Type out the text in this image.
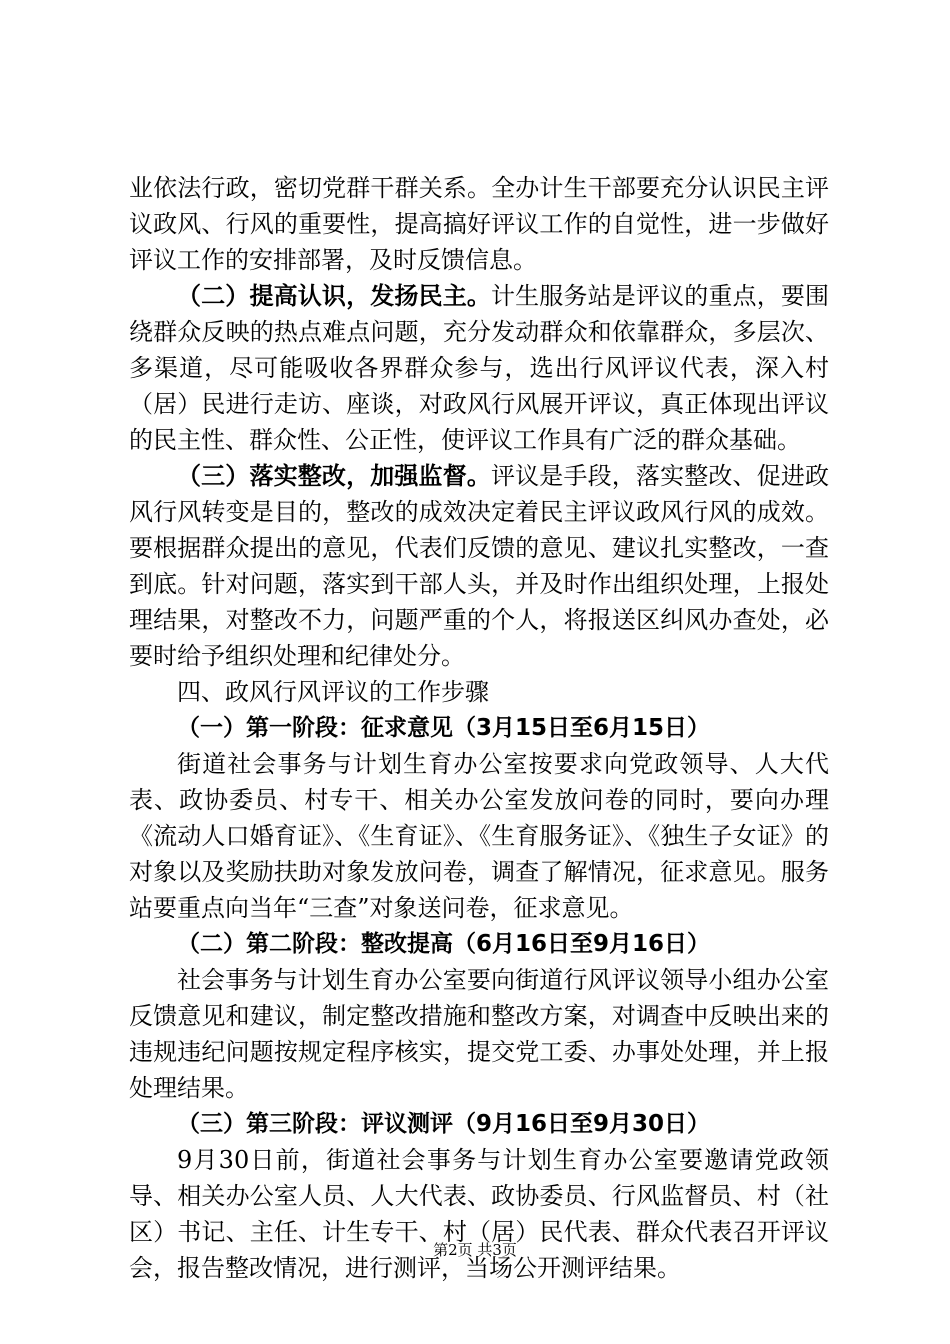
业依法行政，密切党群干群关系。全办计生干部要充分认识民主评议政风、行风的重要性，提高搞好评议工作的自觉性，进一步做好评议工作的安排部署，及时反馈信息。

（二）提高认识，发扬民主。计生服务站是评议的重点，要围绕群众反映的热点难点问题，充分发动群众和依靠群众，多层次、多渠道，尽可能吸收各界群众参与，选出行风评议代表，深入村（居）民进行走访、座谈，对政风行风展开评议，真正体现出评议的民主性、群众性、公正性，使评议工作具有广泛的群众基础。

（三）落实整改，加强监督。评议是手段，落实整改、促进政风行风转变是目的，整改的成效决定着民主评议政风行风的成效。要根据群众提出的意见，代表们反馈的意见、建议扎实整改，一查到底。针对问题，落实到干部人头，并及时作出组织处理，上报处理结果，对整改不力，问题严重的个人，将报送区纠风办查处，必要时给予组织处理和纪律处分。

四、政风行风评议的工作步骤

（一）第一阶段：征求意见（3月15日至6月15日）

街道社会事务与计划生育办公室按要求向党政领导、人大代表、政协委员、村专干、相关办公室发放问卷的同时，要向办理《流动人口婚育证》、《生育证》、《生育服务证》、《独生子女证》的对象以及奖励扶助对象发放问卷，调查了解情况，征求意见。服务站要重点向当年“三查”对象送问卷，征求意见。

（二）第二阶段：整改提高（6月16日至9月16日）

社会事务与计划生育办公室要向街道行风评议领导小组办公室反馈意见和建议，制定整改措施和整改方案，对调查中反映出来的违规违纪问题按规定程序核实，提交党工委、办事处处理，并上报处理结果。

（三）第三阶段：评议测评（9月16日至9月30日）

9月30日前，街道社会事务与计划生育办公室要邀请党政领导、相关办公室人员、人大代表、政协委员、行风监督员、村（社区）书记、主任、计生专干、村（居）民代表、群众代表召开评议会，报告整改情况，进行测评，当场公开测评结果。

第2页 共3页
